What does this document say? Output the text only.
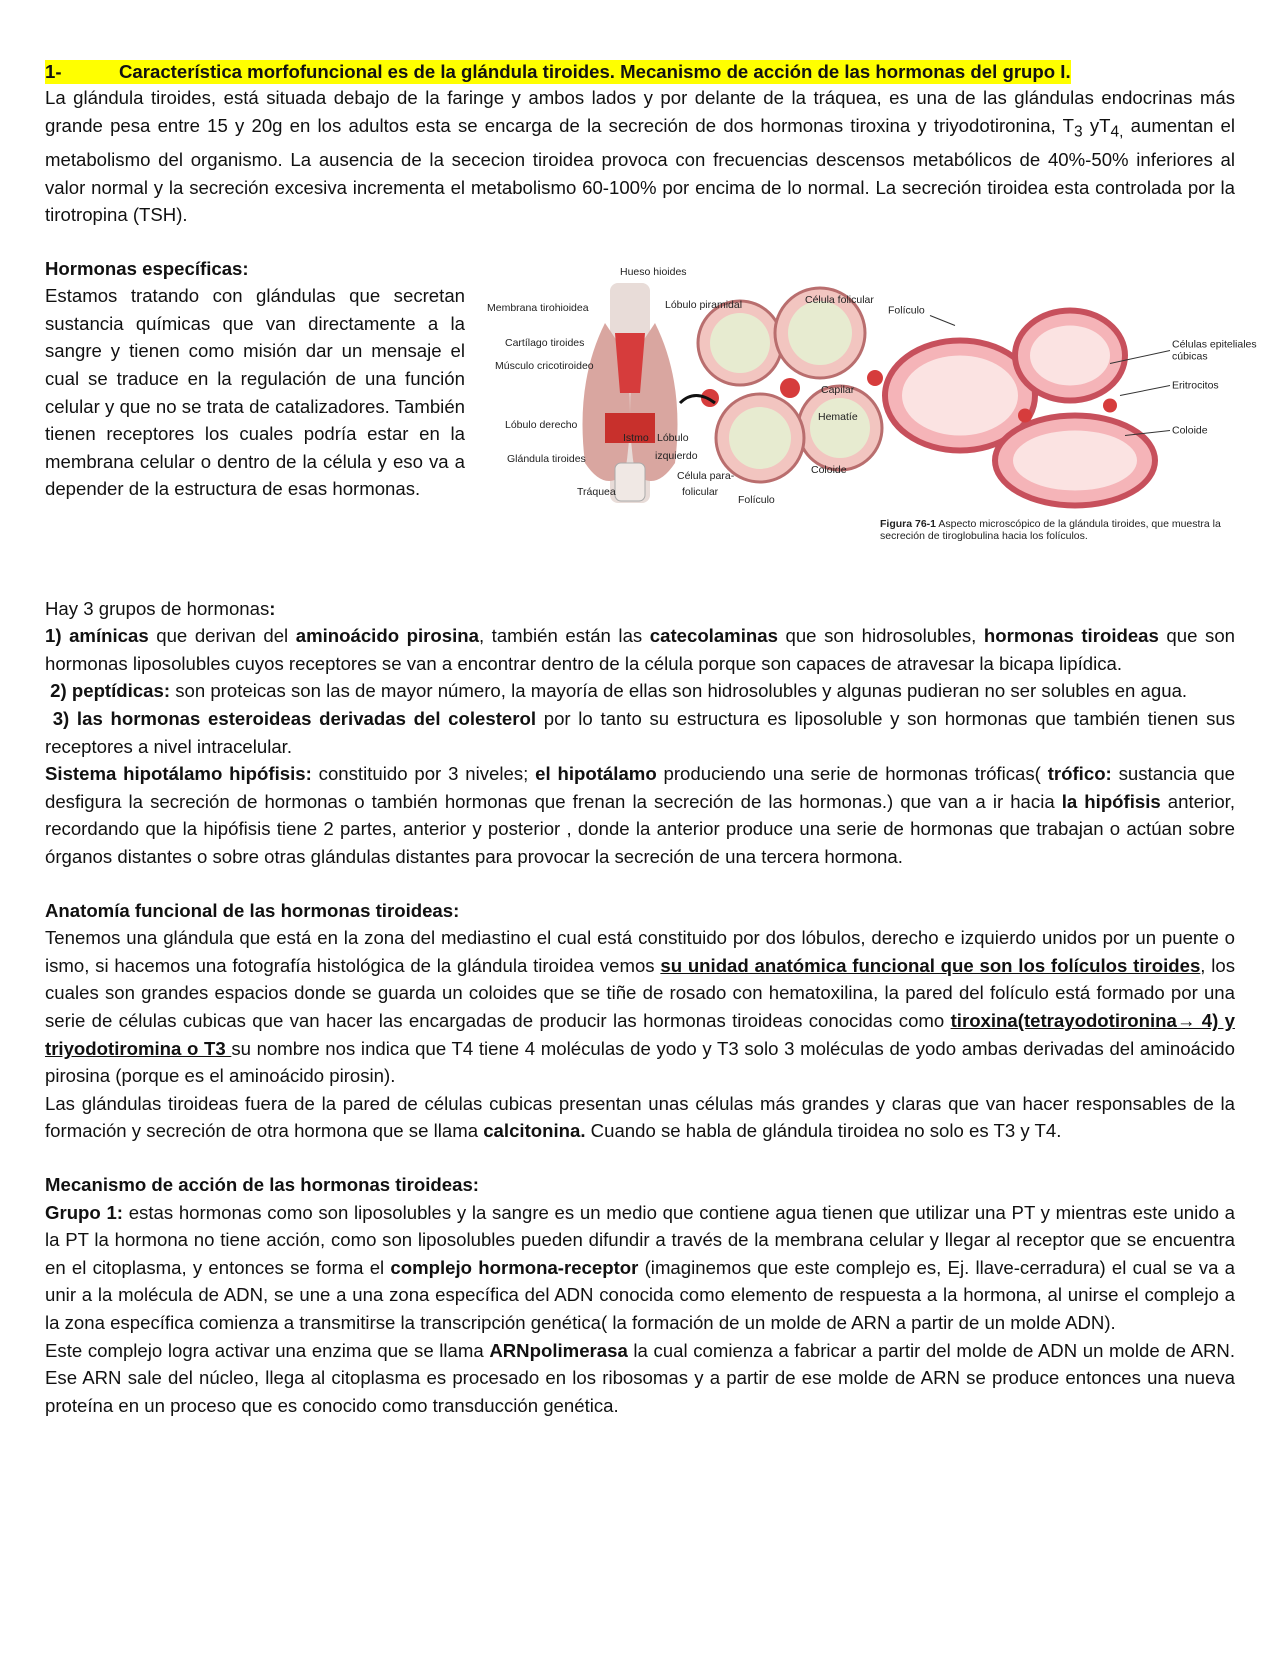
1-	Característica morfofuncional es de la glándula tiroides. Mecanismo de acción de las hormonas del grupo I.

La glándula tiroides, está situada debajo de la faringe y ambos lados y por delante de la tráquea, es una de las glándulas endocrinas más grande pesa entre 15 y 20g en los adultos esta se encarga de la secreción de dos hormonas tiroxina y triyodotironina, $T_3$ $yT_{4,}$ aumentan el metabolismo del organismo. La ausencia de la sececion tiroidea provoca con frecuencias descensos metabólicos de 40%-50% inferiores al valor normal y la secreción excesiva incrementa el metabolismo 60-100% por encima de lo normal. La secreción tiroidea esta controlada por la tirotropina (TSH).

Hormonas específicas:

Estamos tratando con glándulas que secretan sustancia químicas que van directamente a la sangre y tienen como misión dar un mensaje el cual se traduce en la regulación de una función celular y que no se trata de catalizadores. También tienen receptores los cuales podría estar en la membrana celular o dentro de la célula y eso va a depender de la estructura de esas hormonas.

Hueso hioides
Membrana tirohioidea	Lóbulo piramidal	Célula folicular
Cartílago tiroides
Músculo cricotiroideo
Capilar
Hematíe
Lóbulo derecho
Istmo Lóbulo
izquierdo
Glándula tiroides
Coloide
Célula para-
folicular
Tráquea
Folículo
Folículo
Células epiteliales
cúbicas
Eritrocitos
Coloide
Figura 76-1 Aspecto microscópico de la glándula tiroides, que muestra la secreción de tiroglobulina hacia los folículos.

Hay 3 grupos de hormonas:

1) amínicas que derivan del aminoácido pirosina, también están las catecolaminas que son hidrosolubles, hormonas tiroideas que son hormonas liposolubles cuyos receptores se van a encontrar dentro de la célula porque son capaces de atravesar la bicapa lipídica.

2) peptídicas: son proteicas son las de mayor número, la mayoría de ellas son hidrosolubles y algunas pudieran no ser solubles en agua.

3) las hormonas esteroideas derivadas del colesterol por lo tanto su estructura es liposoluble y son hormonas que también tienen sus receptores a nivel intracelular.

Sistema hipotálamo hipófisis: constituido por 3 niveles; el hipotálamo produciendo una serie de hormonas tróficas( trófico: sustancia que desfigura la secreción de hormonas o también hormonas que frenan la secreción de las hormonas.) que van a ir hacia la hipófisis anterior, recordando que la hipófisis tiene 2 partes, anterior y posterior , donde la anterior produce una serie de hormonas que trabajan o actúan sobre órganos distantes o sobre otras glándulas distantes para provocar la secreción de una tercera hormona.

Anatomía funcional de las hormonas tiroideas:

Tenemos una glándula que está en la zona del mediastino el cual está constituido por dos lóbulos, derecho e izquierdo unidos por un puente o ismo, si hacemos una fotografía histológica de la glándula tiroidea vemos su unidad anatómica funcional que son los folículos tiroides, los cuales son grandes espacios donde se guarda un coloides que se tiñe de rosado con hematoxilina, la pared del folículo está formado por una serie de células cubicas que van hacer las encargadas de producir las hormonas tiroideas conocidas como tiroxina(tetrayodotironina→ 4) y triyodotiromina o T3 su nombre nos indica que T4 tiene 4 moléculas de yodo y T3 solo 3 moléculas de yodo ambas derivadas del aminoácido pirosina (porque es el aminoácido pirosin).

Las glándulas tiroideas fuera de la pared de células cubicas presentan unas células más grandes y claras que van hacer responsables de la formación y secreción de otra hormona que se llama calcitonina. Cuando se habla de glándula tiroidea no solo es T3 y T4.

Mecanismo de acción de las hormonas tiroideas:

Grupo 1: estas hormonas como son liposolubles y la sangre es un medio que contiene agua tienen que utilizar una PT y mientras este unido a la PT la hormona no tiene acción, como son liposolubles pueden difundir a través de la membrana celular y llegar al receptor que se encuentra en el citoplasma, y entonces se forma el complejo hormona-receptor (imaginemos que este complejo es, Ej. llave-cerradura) el cual se va a unir a la molécula de ADN, se une a una zona específica del ADN conocida como elemento de respuesta a la hormona, al unirse el complejo a la zona específica comienza a transmitirse la transcripción genética( la formación de un molde de ARN a partir de un molde ADN).

Este complejo logra activar una enzima que se llama ARNpolimerasa la cual comienza a fabricar a partir del molde de ADN un molde de ARN. Ese ARN sale del núcleo, llega al citoplasma es procesado en los ribosomas y a partir de ese molde de ARN se produce entonces una nueva proteína en un proceso que es conocido como transducción genética.
